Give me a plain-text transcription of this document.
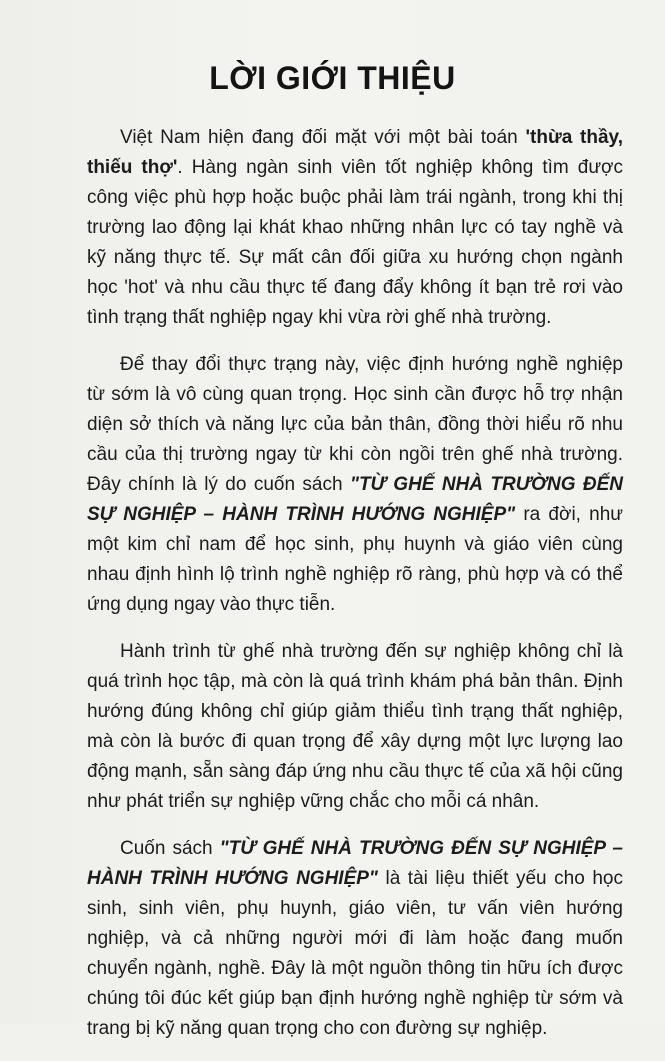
LỜI GIỚI THIỆU

Việt Nam hiện đang đối mặt với một bài toán 'thừa thầy, thiếu thợ'. Hàng ngàn sinh viên tốt nghiệp không tìm được công việc phù hợp hoặc buộc phải làm trái ngành, trong khi thị trường lao động lại khát khao những nhân lực có tay nghề và kỹ năng thực tế. Sự mất cân đối giữa xu hướng chọn ngành học 'hot' và nhu cầu thực tế đang đẩy không ít bạn trẻ rơi vào tình trạng thất nghiệp ngay khi vừa rời ghế nhà trường.

Để thay đổi thực trạng này, việc định hướng nghề nghiệp từ sớm là vô cùng quan trọng. Học sinh cần được hỗ trợ nhận diện sở thích và năng lực của bản thân, đồng thời hiểu rõ nhu cầu của thị trường ngay từ khi còn ngồi trên ghế nhà trường. Đây chính là lý do cuốn sách "TỪ GHẾ NHÀ TRƯỜNG ĐẾN SỰ NGHIỆP – HÀNH TRÌNH HƯỚNG NGHIỆP" ra đời, như một kim chỉ nam để học sinh, phụ huynh và giáo viên cùng nhau định hình lộ trình nghề nghiệp rõ ràng, phù hợp và có thể ứng dụng ngay vào thực tiễn.

Hành trình từ ghế nhà trường đến sự nghiệp không chỉ là quá trình học tập, mà còn là quá trình khám phá bản thân. Định hướng đúng không chỉ giúp giảm thiểu tình trạng thất nghiệp, mà còn là bước đi quan trọng để xây dựng một lực lượng lao động mạnh, sẵn sàng đáp ứng nhu cầu thực tế của xã hội cũng như phát triển sự nghiệp vững chắc cho mỗi cá nhân.

Cuốn sách "TỪ GHẾ NHÀ TRƯỜNG ĐẾN SỰ NGHIỆP – HÀNH TRÌNH HƯỚNG NGHIỆP" là tài liệu thiết yếu cho học sinh, sinh viên, phụ huynh, giáo viên, tư vấn viên hướng nghiệp, và cả những người mới đi làm hoặc đang muốn chuyển ngành, nghề. Đây là một nguồn thông tin hữu ích được chúng tôi đúc kết giúp bạn định hướng nghề nghiệp từ sớm và trang bị kỹ năng quan trọng cho con đường sự nghiệp.
